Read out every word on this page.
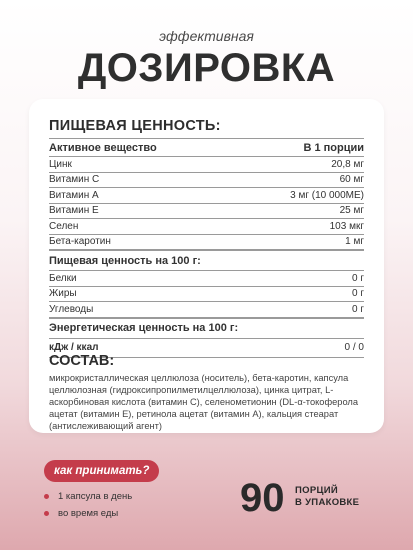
эффективная
ДОЗИРОВКА
ПИЩЕВАЯ ЦЕННОСТЬ:
Активное вещество	В 1 порции
Цинк	20,8 мг
Витамин С	60 мг
Витамин А	3 мг (10 000МЕ)
Витамин Е	25 мг
Селен	103 мкг
Бета-каротин	1 мг
Пищевая ценность на 100 г:
Белки	0 г
Жиры	0 г
Углеводы	0 г
Энергетическая ценность на 100 г:
кДж / ккал	0 / 0
СОСТАВ:
микрокристаллическая целлюлоза (носитель), бета-каротин, капсула целлюлозная (гидроксипропилметилцеллюлоза), цинка цитрат, L-аскорбиновая кислота (витамин С), селенометионин (DL-α-токоферола ацетат (витамин Е), ретинола ацетат (витамин А), кальция стеарат (антислеживающий агент)
как принимать?
1 капсула в день
во время еды	90 ПОРЦИЙ
В УПАКОВКЕ
